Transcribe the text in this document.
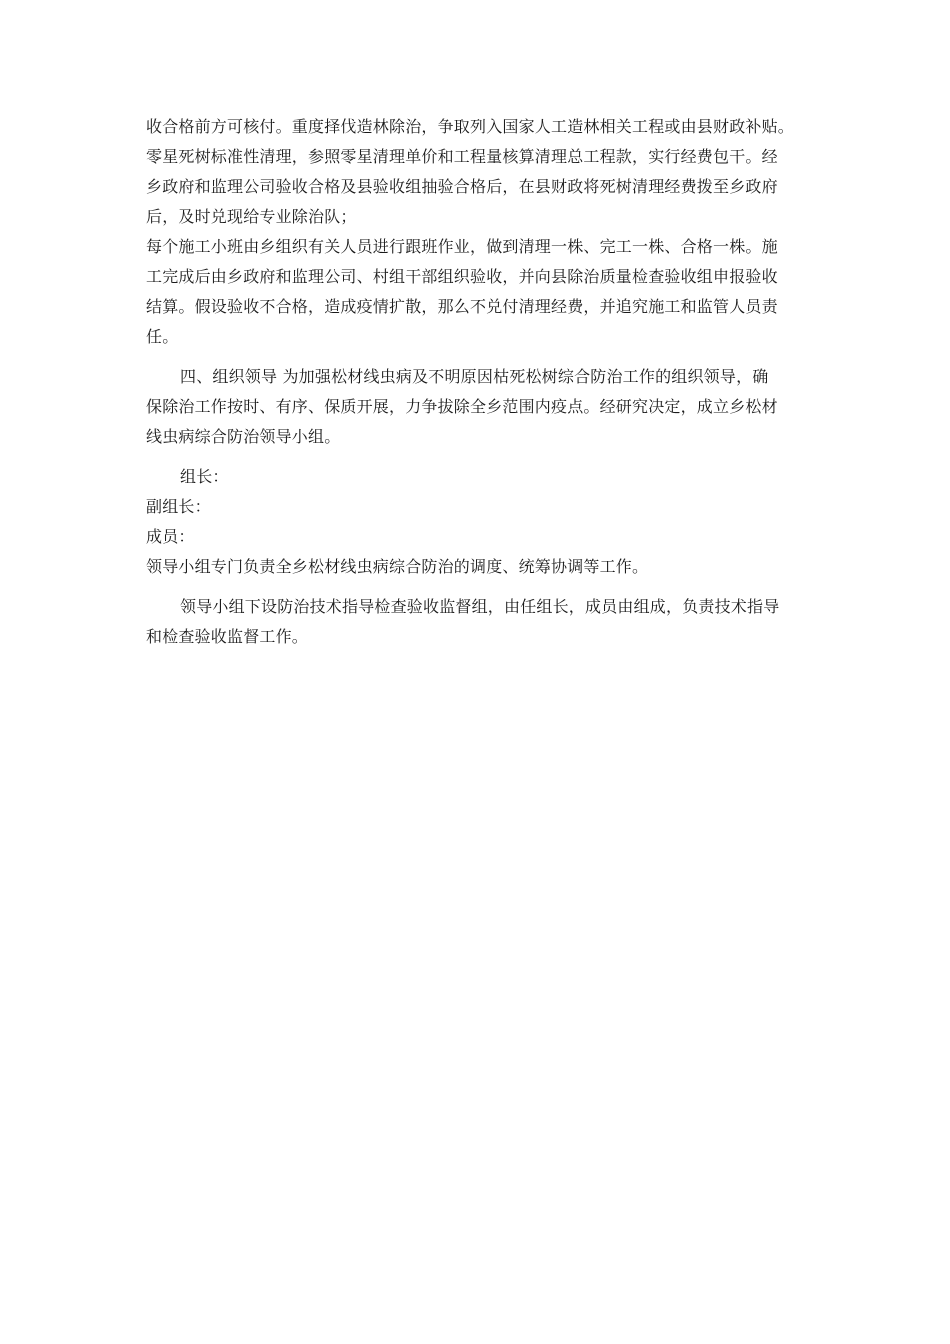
收合格前方可核付。重度择伐造林除治，争取列入国家人工造林相关工程或由县财政补贴。
零星死树标准性清理，参照零星清理单价和工程量核算清理总工程款，实行经费包干。经
乡政府和监理公司验收合格及县验收组抽验合格后，在县财政将死树清理经费拨至乡政府
后，及时兑现给专业除治队；
每个施工小班由乡组织有关人员进行跟班作业，做到清理一株、完工一株、合格一株。施
工完成后由乡政府和监理公司、村组干部组织验收，并向县除治质量检查验收组申报验收
结算。假设验收不合格，造成疫情扩散，那么不兑付清理经费，并追究施工和监管人员责
任。
四、组织领导 为加强松材线虫病及不明原因枯死松树综合防治工作的组织领导，确
保除治工作按时、有序、保质开展，力争拔除全乡范围内疫点。经研究决定，成立乡松材
线虫病综合防治领导小组。
组长：
副组长：
成员：
领导小组专门负责全乡松材线虫病综合防治的调度、统筹协调等工作。
领导小组下设防治技术指导检查验收监督组，由任组长，成员由组成，负责技术指导
和检查验收监督工作。
